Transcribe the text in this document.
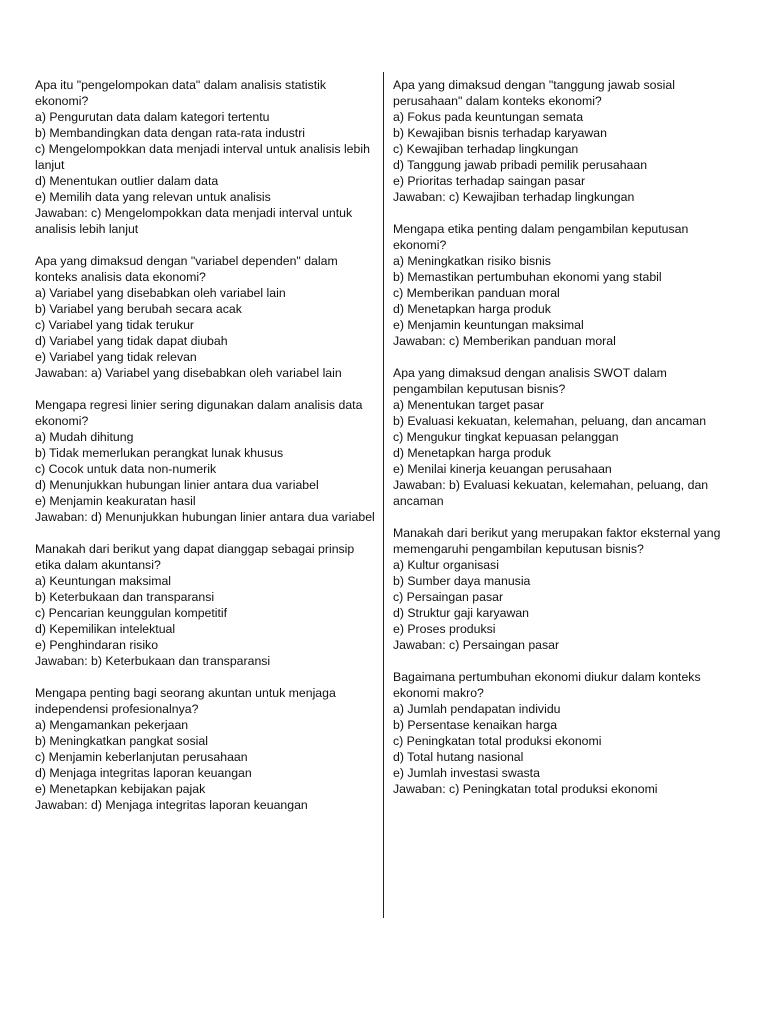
Apa itu "pengelompokan data" dalam analisis statistik ekonomi?
a) Pengurutan data dalam kategori tertentu
b) Membandingkan data dengan rata-rata industri
c) Mengelompokkan data menjadi interval untuk analisis lebih lanjut
d) Menentukan outlier dalam data
e) Memilih data yang relevan untuk analisis
Jawaban: c) Mengelompokkan data menjadi interval untuk analisis lebih lanjut
Apa yang dimaksud dengan "variabel dependen" dalam konteks analisis data ekonomi?
a) Variabel yang disebabkan oleh variabel lain
b) Variabel yang berubah secara acak
c) Variabel yang tidak terukur
d) Variabel yang tidak dapat diubah
e) Variabel yang tidak relevan
Jawaban: a) Variabel yang disebabkan oleh variabel lain
Mengapa regresi linier sering digunakan dalam analisis data ekonomi?
a) Mudah dihitung
b) Tidak memerlukan perangkat lunak khusus
c) Cocok untuk data non-numerik
d) Menunjukkan hubungan linier antara dua variabel
e) Menjamin keakuratan hasil
Jawaban: d) Menunjukkan hubungan linier antara dua variabel
Manakah dari berikut yang dapat dianggap sebagai prinsip etika dalam akuntansi?
a) Keuntungan maksimal
b) Keterbukaan dan transparansi
c) Pencarian keunggulan kompetitif
d) Kepemilikan intelektual
e) Penghindaran risiko
Jawaban: b) Keterbukaan dan transparansi
Mengapa penting bagi seorang akuntan untuk menjaga independensi profesionalnya?
a) Mengamankan pekerjaan
b) Meningkatkan pangkat sosial
c) Menjamin keberlanjutan perusahaan
d) Menjaga integritas laporan keuangan
e) Menetapkan kebijakan pajak
Jawaban: d) Menjaga integritas laporan keuangan
Apa yang dimaksud dengan "tanggung jawab sosial perusahaan" dalam konteks ekonomi?
a) Fokus pada keuntungan semata
b) Kewajiban bisnis terhadap karyawan
c) Kewajiban terhadap lingkungan
d) Tanggung jawab pribadi pemilik perusahaan
e) Prioritas terhadap saingan pasar
Jawaban: c) Kewajiban terhadap lingkungan
Mengapa etika penting dalam pengambilan keputusan ekonomi?
a) Meningkatkan risiko bisnis
b) Memastikan pertumbuhan ekonomi yang stabil
c) Memberikan panduan moral
d) Menetapkan harga produk
e) Menjamin keuntungan maksimal
Jawaban: c) Memberikan panduan moral
Apa yang dimaksud dengan analisis SWOT dalam pengambilan keputusan bisnis?
a) Menentukan target pasar
b) Evaluasi kekuatan, kelemahan, peluang, dan ancaman
c) Mengukur tingkat kepuasan pelanggan
d) Menetapkan harga produk
e) Menilai kinerja keuangan perusahaan
Jawaban: b) Evaluasi kekuatan, kelemahan, peluang, dan ancaman
Manakah dari berikut yang merupakan faktor eksternal yang memengaruhi pengambilan keputusan bisnis?
a) Kultur organisasi
b) Sumber daya manusia
c) Persaingan pasar
d) Struktur gaji karyawan
e) Proses produksi
Jawaban: c) Persaingan pasar
Bagaimana pertumbuhan ekonomi diukur dalam konteks ekonomi makro?
a) Jumlah pendapatan individu
b) Persentase kenaikan harga
c) Peningkatan total produksi ekonomi
d) Total hutang nasional
e) Jumlah investasi swasta
Jawaban: c) Peningkatan total produksi ekonomi
